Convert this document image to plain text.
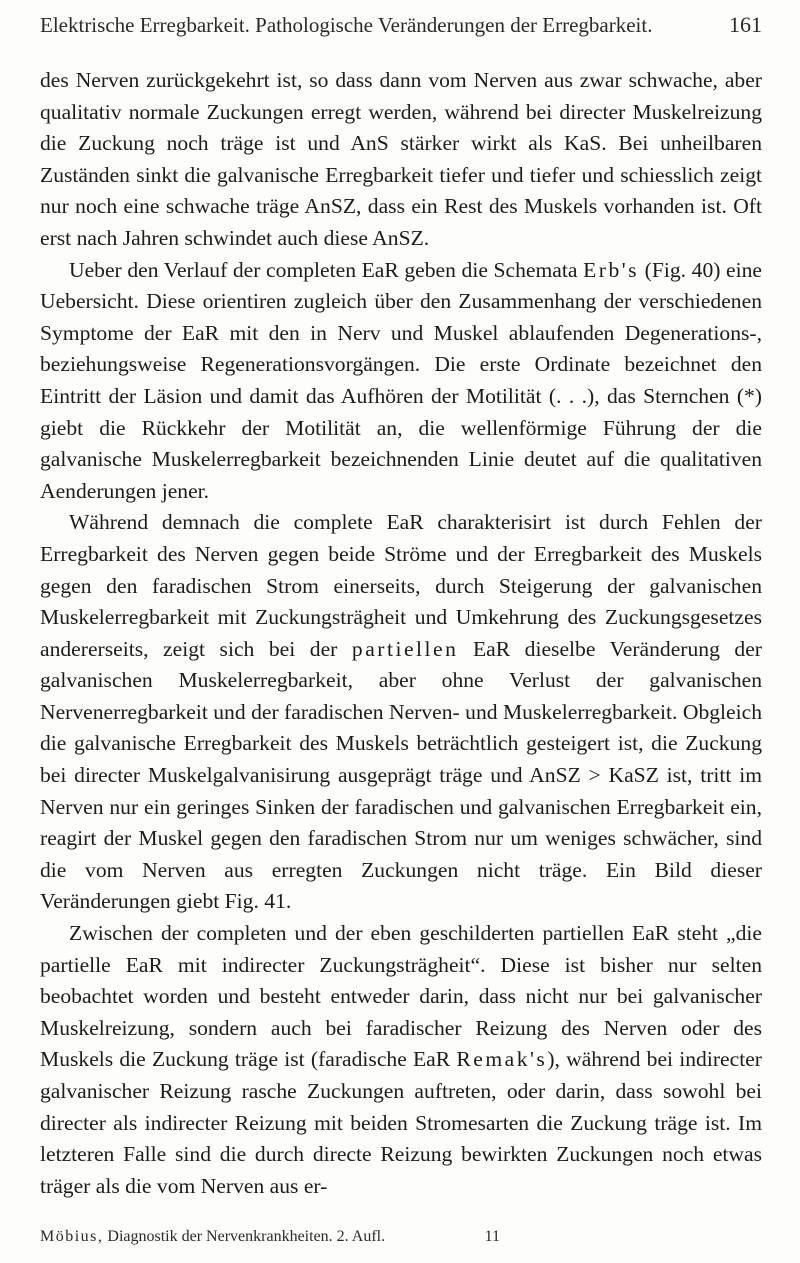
Elektrische Erregbarkeit. Pathologische Veränderungen der Erregbarkeit.	161

des Nerven zurückgekehrt ist, so dass dann vom Nerven aus zwar schwache, aber qualitativ normale Zuckungen erregt werden, während bei directer Muskelreizung die Zuckung noch träge ist und AnS stärker wirkt als KaS. Bei unheilbaren Zuständen sinkt die galvanische Erregbarkeit tiefer und tiefer und schiesslich zeigt nur noch eine schwache träge AnSZ, dass ein Rest des Muskels vorhanden ist. Oft erst nach Jahren schwindet auch diese AnSZ.

Ueber den Verlauf der completen EaR geben die Schemata Erb's (Fig. 40) eine Uebersicht. Diese orientiren zugleich über den Zusammenhang der verschiedenen Symptome der EaR mit den in Nerv und Muskel ablaufenden Degenerations-, beziehungsweise Regenerationsvorgängen. Die erste Ordinate bezeichnet den Eintritt der Läsion und damit das Aufhören der Motilität (. . .), das Sternchen (*) giebt die Rückkehr der Motilität an, die wellenförmige Führung der die galvanische Muskelerregbarkeit bezeichnenden Linie deutet auf die qualitativen Aenderungen jener.

Während demnach die complete EaR charakterisirt ist durch Fehlen der Erregbarkeit des Nerven gegen beide Ströme und der Erregbarkeit des Muskels gegen den faradischen Strom einerseits, durch Steigerung der galvanischen Muskelerregbarkeit mit Zuckungsträgheit und Umkehrung des Zuckungsgesetzes andererseits, zeigt sich bei der partiellen EaR dieselbe Veränderung der galvanischen Muskelerregbarkeit, aber ohne Verlust der galvanischen Nervenerregbarkeit und der faradischen Nerven- und Muskelerregbarkeit. Obgleich die galvanische Erregbarkeit des Muskels beträchtlich gesteigert ist, die Zuckung bei directer Muskelgalvanisirung ausgeprägt träge und AnSZ > KaSZ ist, tritt im Nerven nur ein geringes Sinken der faradischen und galvanischen Erregbarkeit ein, reagirt der Muskel gegen den faradischen Strom nur um weniges schwächer, sind die vom Nerven aus erregten Zuckungen nicht träge. Ein Bild dieser Veränderungen giebt Fig. 41.

Zwischen der completen und der eben geschilderten partiellen EaR steht „die partielle EaR mit indirecter Zuckungsträgheit“. Diese ist bisher nur selten beobachtet worden und besteht entweder darin, dass nicht nur bei galvanischer Muskelreizung, sondern auch bei faradischer Reizung des Nerven oder des Muskels die Zuckung träge ist (faradische EaR Remak's), während bei indirecter galvanischer Reizung rasche Zuckungen auftreten, oder darin, dass sowohl bei directer als indirecter Reizung mit beiden Stromesarten die Zuckung träge ist. Im letzteren Falle sind die durch directe Reizung bewirkten Zuckungen noch etwas träger als die vom Nerven aus er-

Möbius, Diagnostik der Nervenkrankheiten. 2. Aufl.	11
